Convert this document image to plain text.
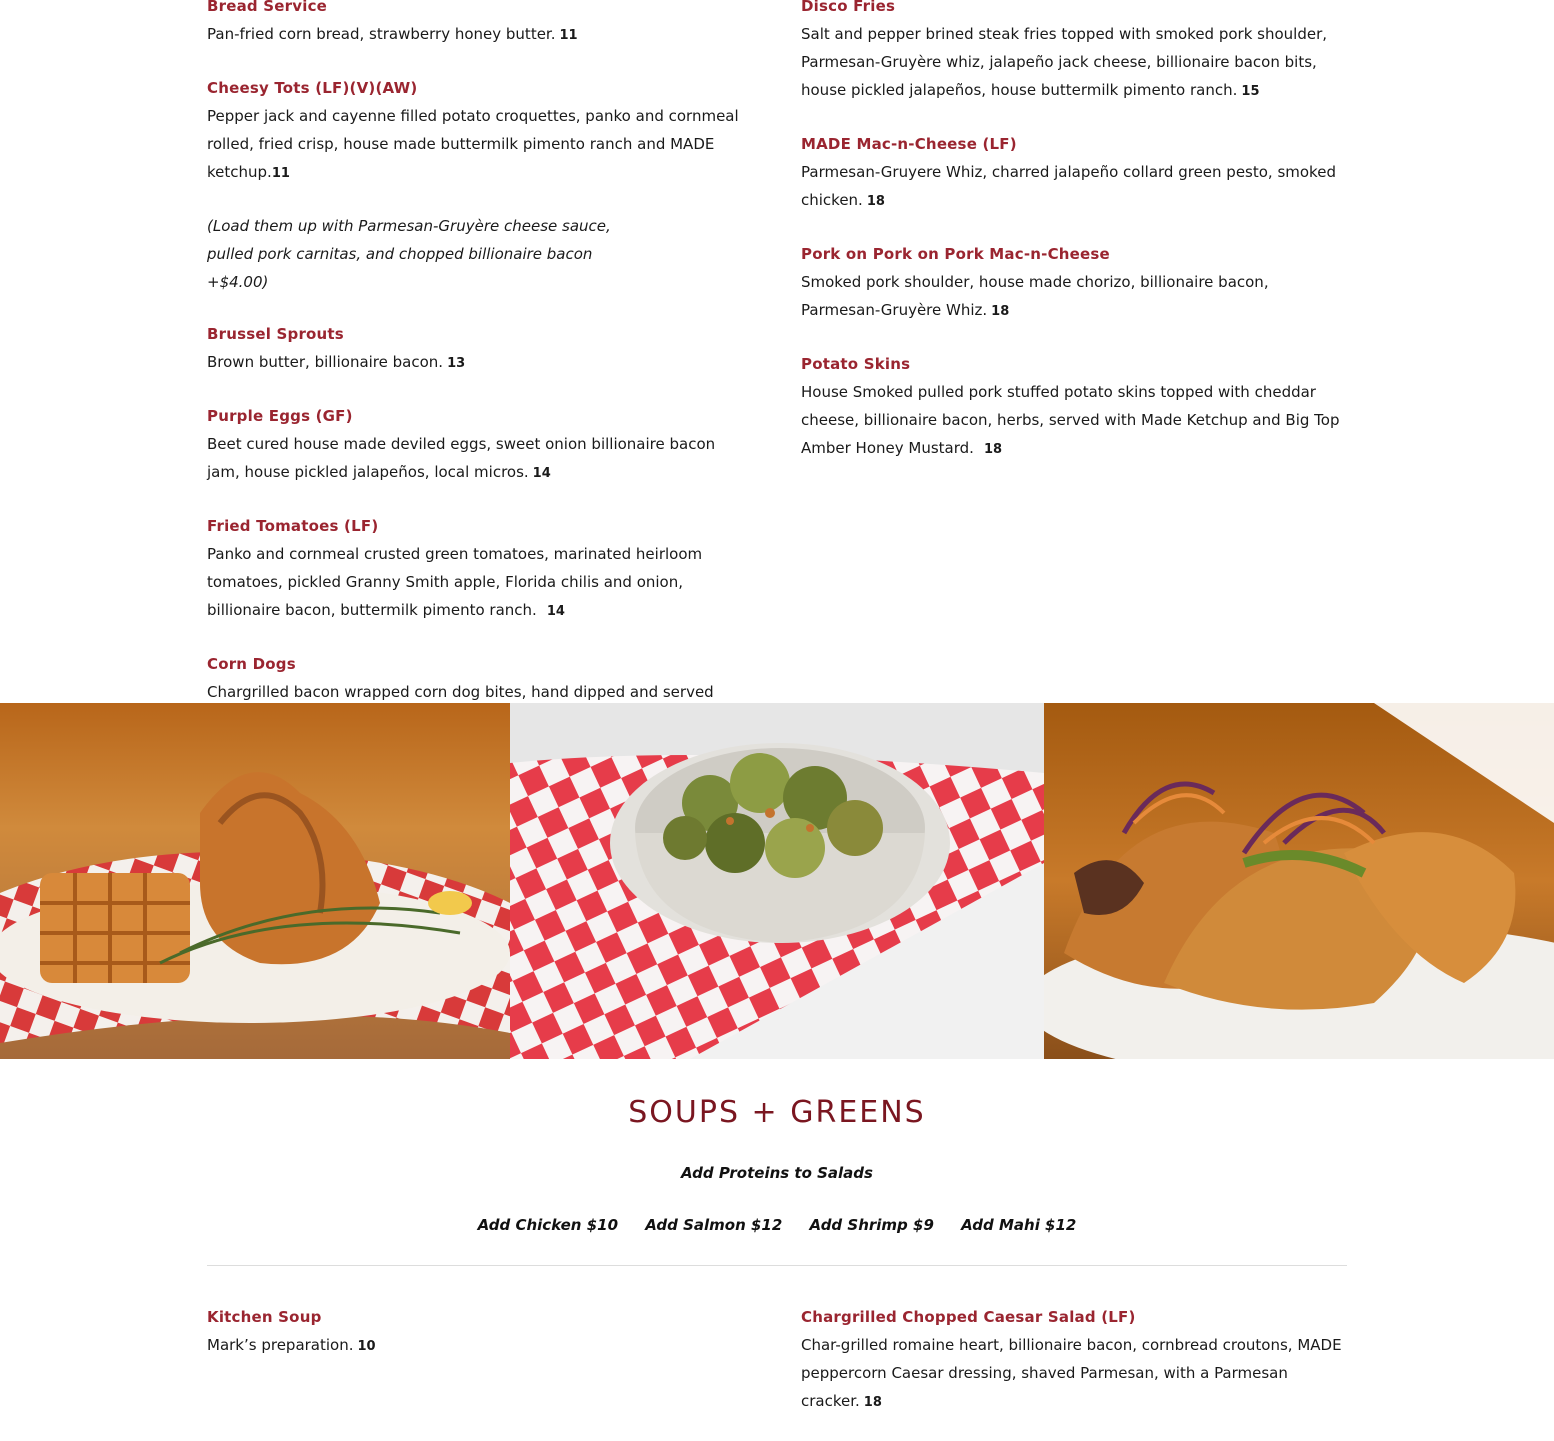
Bread Service
Pan-fried corn bread, strawberry honey butter. 11
Cheesy Tots (LF)(V)(AW)
Pepper jack and cayenne filled potato croquettes, panko and cornmeal rolled, fried crisp, house made buttermilk pimento ranch and MADE ketchup.11
(Load them up with Parmesan-Gruyère cheese sauce, pulled pork carnitas, and chopped billionaire bacon +$4.00)
Brussel Sprouts
Brown butter, billionaire bacon. 13
Purple Eggs (GF)
Beet cured house made deviled eggs, sweet onion billionaire bacon jam, house pickled jalapeños, local micros. 14
Fried Tomatoes (LF)
Panko and cornmeal crusted green tomatoes, marinated heirloom tomatoes, pickled Granny Smith apple, Florida chilis and onion, billionaire bacon, buttermilk pimento ranch. 14
Corn Dogs
Chargrilled bacon wrapped corn dog bites, hand dipped and served
Disco Fries
Salt and pepper brined steak fries topped with smoked pork shoulder, Parmesan-Gruyère whiz, jalapeño jack cheese, billionaire bacon bits, house pickled jalapeños, house buttermilk pimento ranch. 15
MADE Mac-n-Cheese (LF)
Parmesan-Gruyere Whiz, charred jalapeño collard green pesto, smoked chicken. 18
Pork on Pork on Pork Mac-n-Cheese
Smoked pork shoulder, house made chorizo, billionaire bacon, Parmesan-Gruyère Whiz. 18
Potato Skins
House Smoked pulled pork stuffed potato skins topped with cheddar cheese, billionaire bacon, herbs, served with Made Ketchup and Big Top Amber Honey Mustard. 18
SOUPS + GREENS
Add Proteins to Salads
Add Chicken $10 Add Salmon $12 Add Shrimp $9 Add Mahi $12
Kitchen Soup
Mark’s preparation. 10
Chargrilled Chopped Caesar Salad (LF)
Char-grilled romaine heart, billionaire bacon, cornbread croutons, MADE peppercorn Caesar dressing, shaved Parmesan, with a Parmesan cracker. 18
